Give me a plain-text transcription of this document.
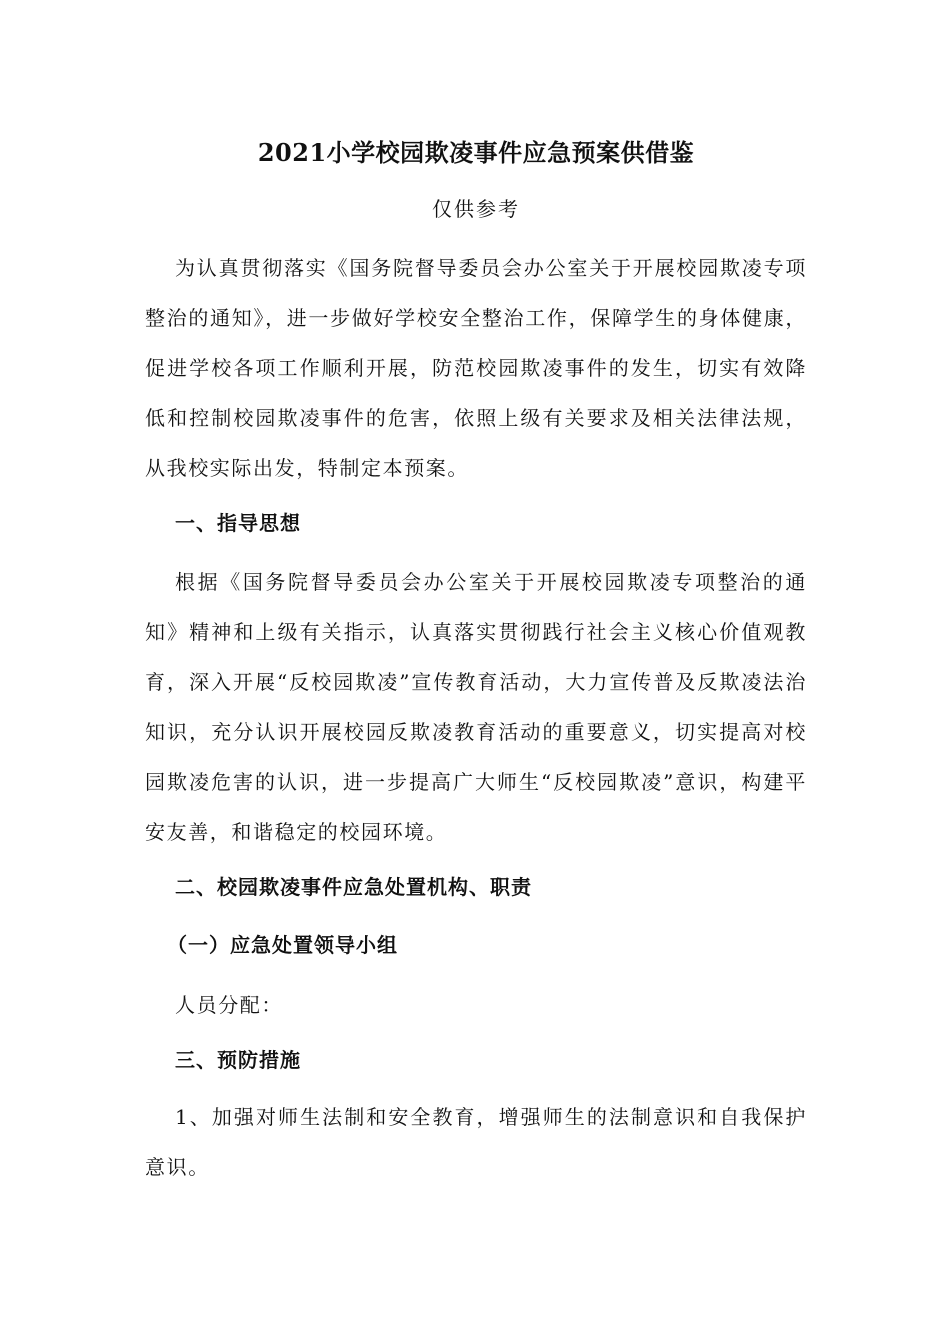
2021小学校园欺凌事件应急预案供借鉴

仅供参考

为认真贯彻落实《国务院督导委员会办公室关于开展校园欺凌专项整治的通知》，进一步做好学校安全整治工作，保障学生的身体健康，促进学校各项工作顺利开展，防范校园欺凌事件的发生，切实有效降低和控制校园欺凌事件的危害，依照上级有关要求及相关法律法规，从我校实际出发，特制定本预案。

一、指导思想

根据《国务院督导委员会办公室关于开展校园欺凌专项整治的通知》精神和上级有关指示，认真落实贯彻践行社会主义核心价值观教育，深入开展“反校园欺凌”宣传教育活动，大力宣传普及反欺凌法治知识，充分认识开展校园反欺凌教育活动的重要意义，切实提高对校园欺凌危害的认识，进一步提高广大师生“反校园欺凌”意识，构建平安友善，和谐稳定的校园环境。

二、校园欺凌事件应急处置机构、职责

（一）应急处置领导小组

人员分配：

三、预防措施

1、加强对师生法制和安全教育，增强师生的法制意识和自我保护意识。
